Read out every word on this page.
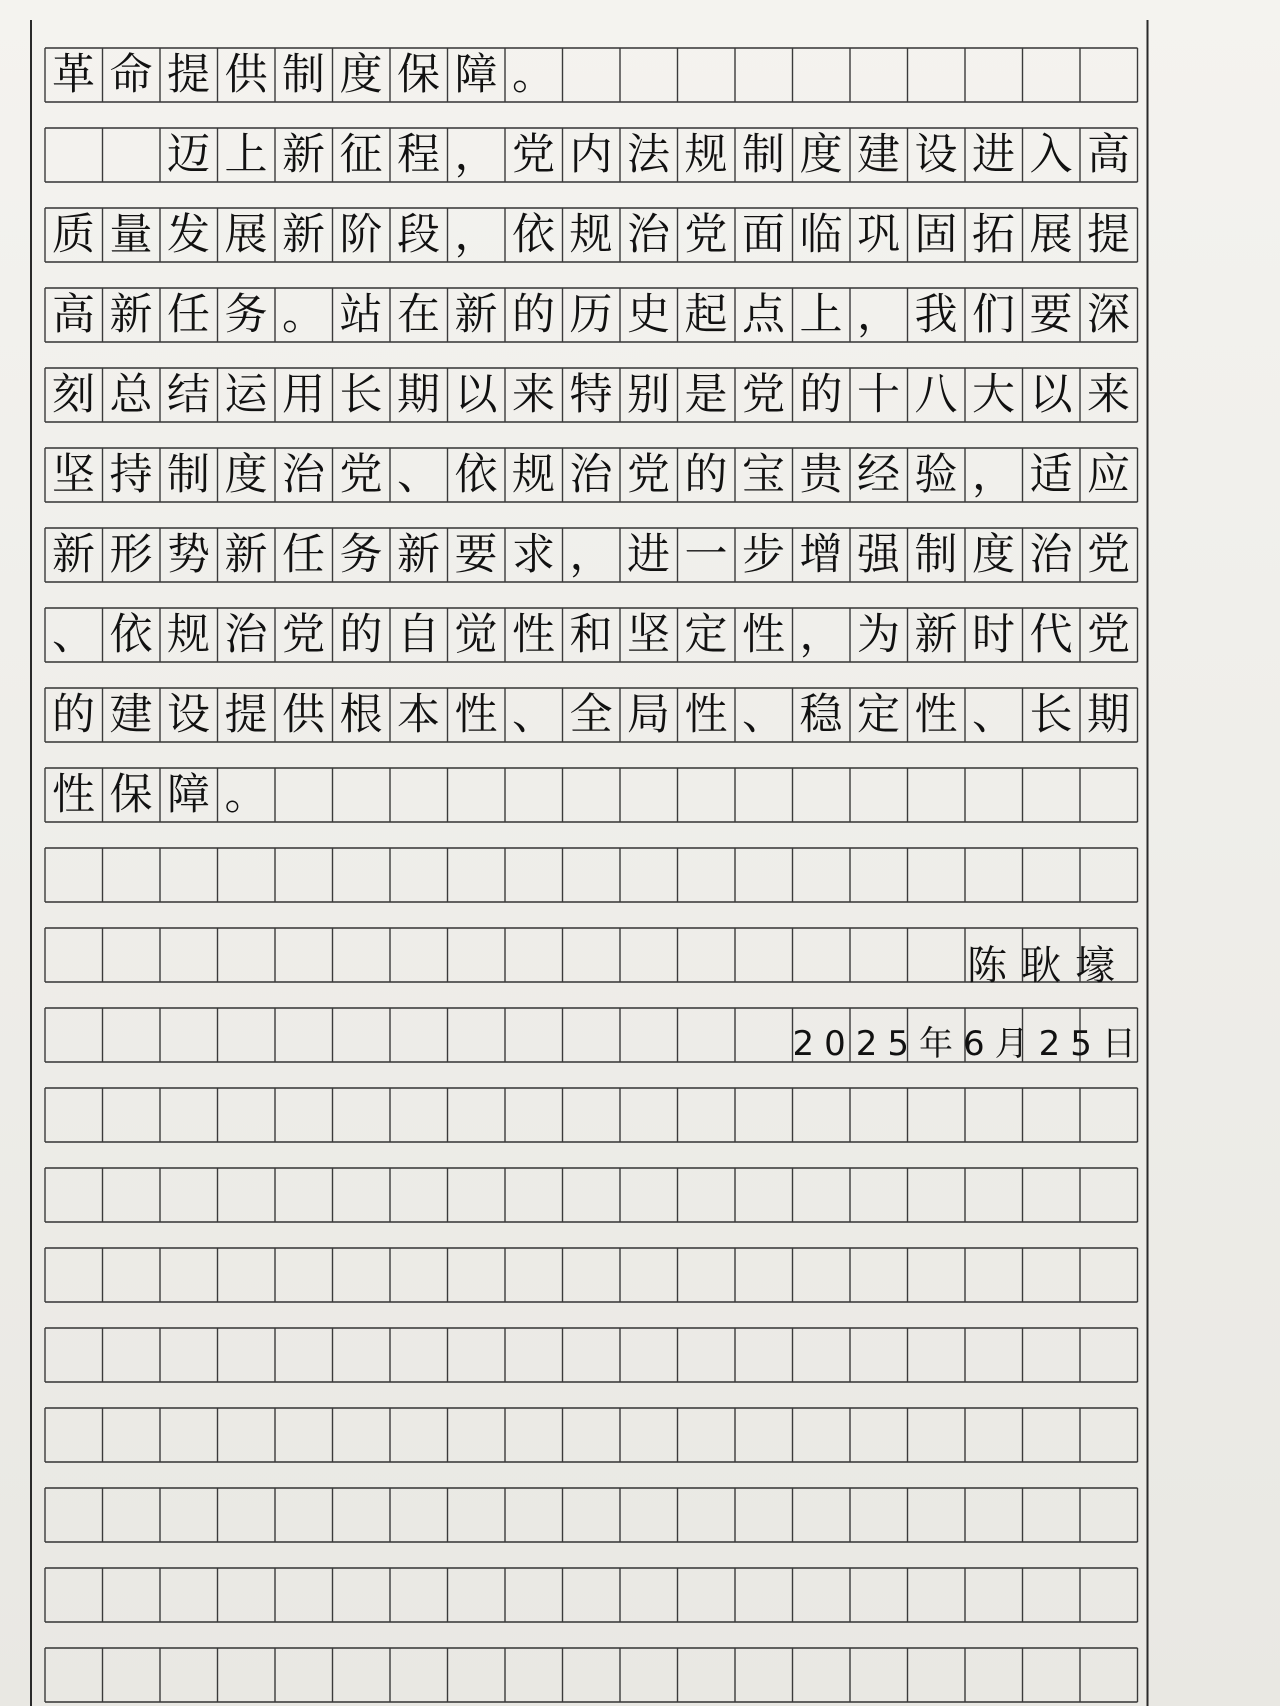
革 命 提 供 制 度 保 障 。
迈 上 新 征 程 ， 党 内 法 规 制 度 建 设 进 入 高
质 量 发 展 新 阶 段 ， 依 规 治 党 面 临 巩 固 拓 展 提
高 新 任 务 。 站 在 新 的 历 史 起 点 上 ， 我 们 要 深
刻 总 结 运 用 长 期 以 来 特 别 是 党 的 十 八 大 以 来
坚 持 制 度 治 党 、 依 规 治 党 的 宝 贵 经 验 ， 适 应
新 形 势 新 任 务 新 要 求 ， 进 一 步 增 强 制 度 治 党
、 依 规 治 党 的 自 觉 性 和 坚 定 性 ， 为 新 时 代 党
的 建 设 提 供 根 本 性 、 全 局 性 、 稳 定 性 、 长 期
性 保 障 。
陈耿壕
2025年6月25日
